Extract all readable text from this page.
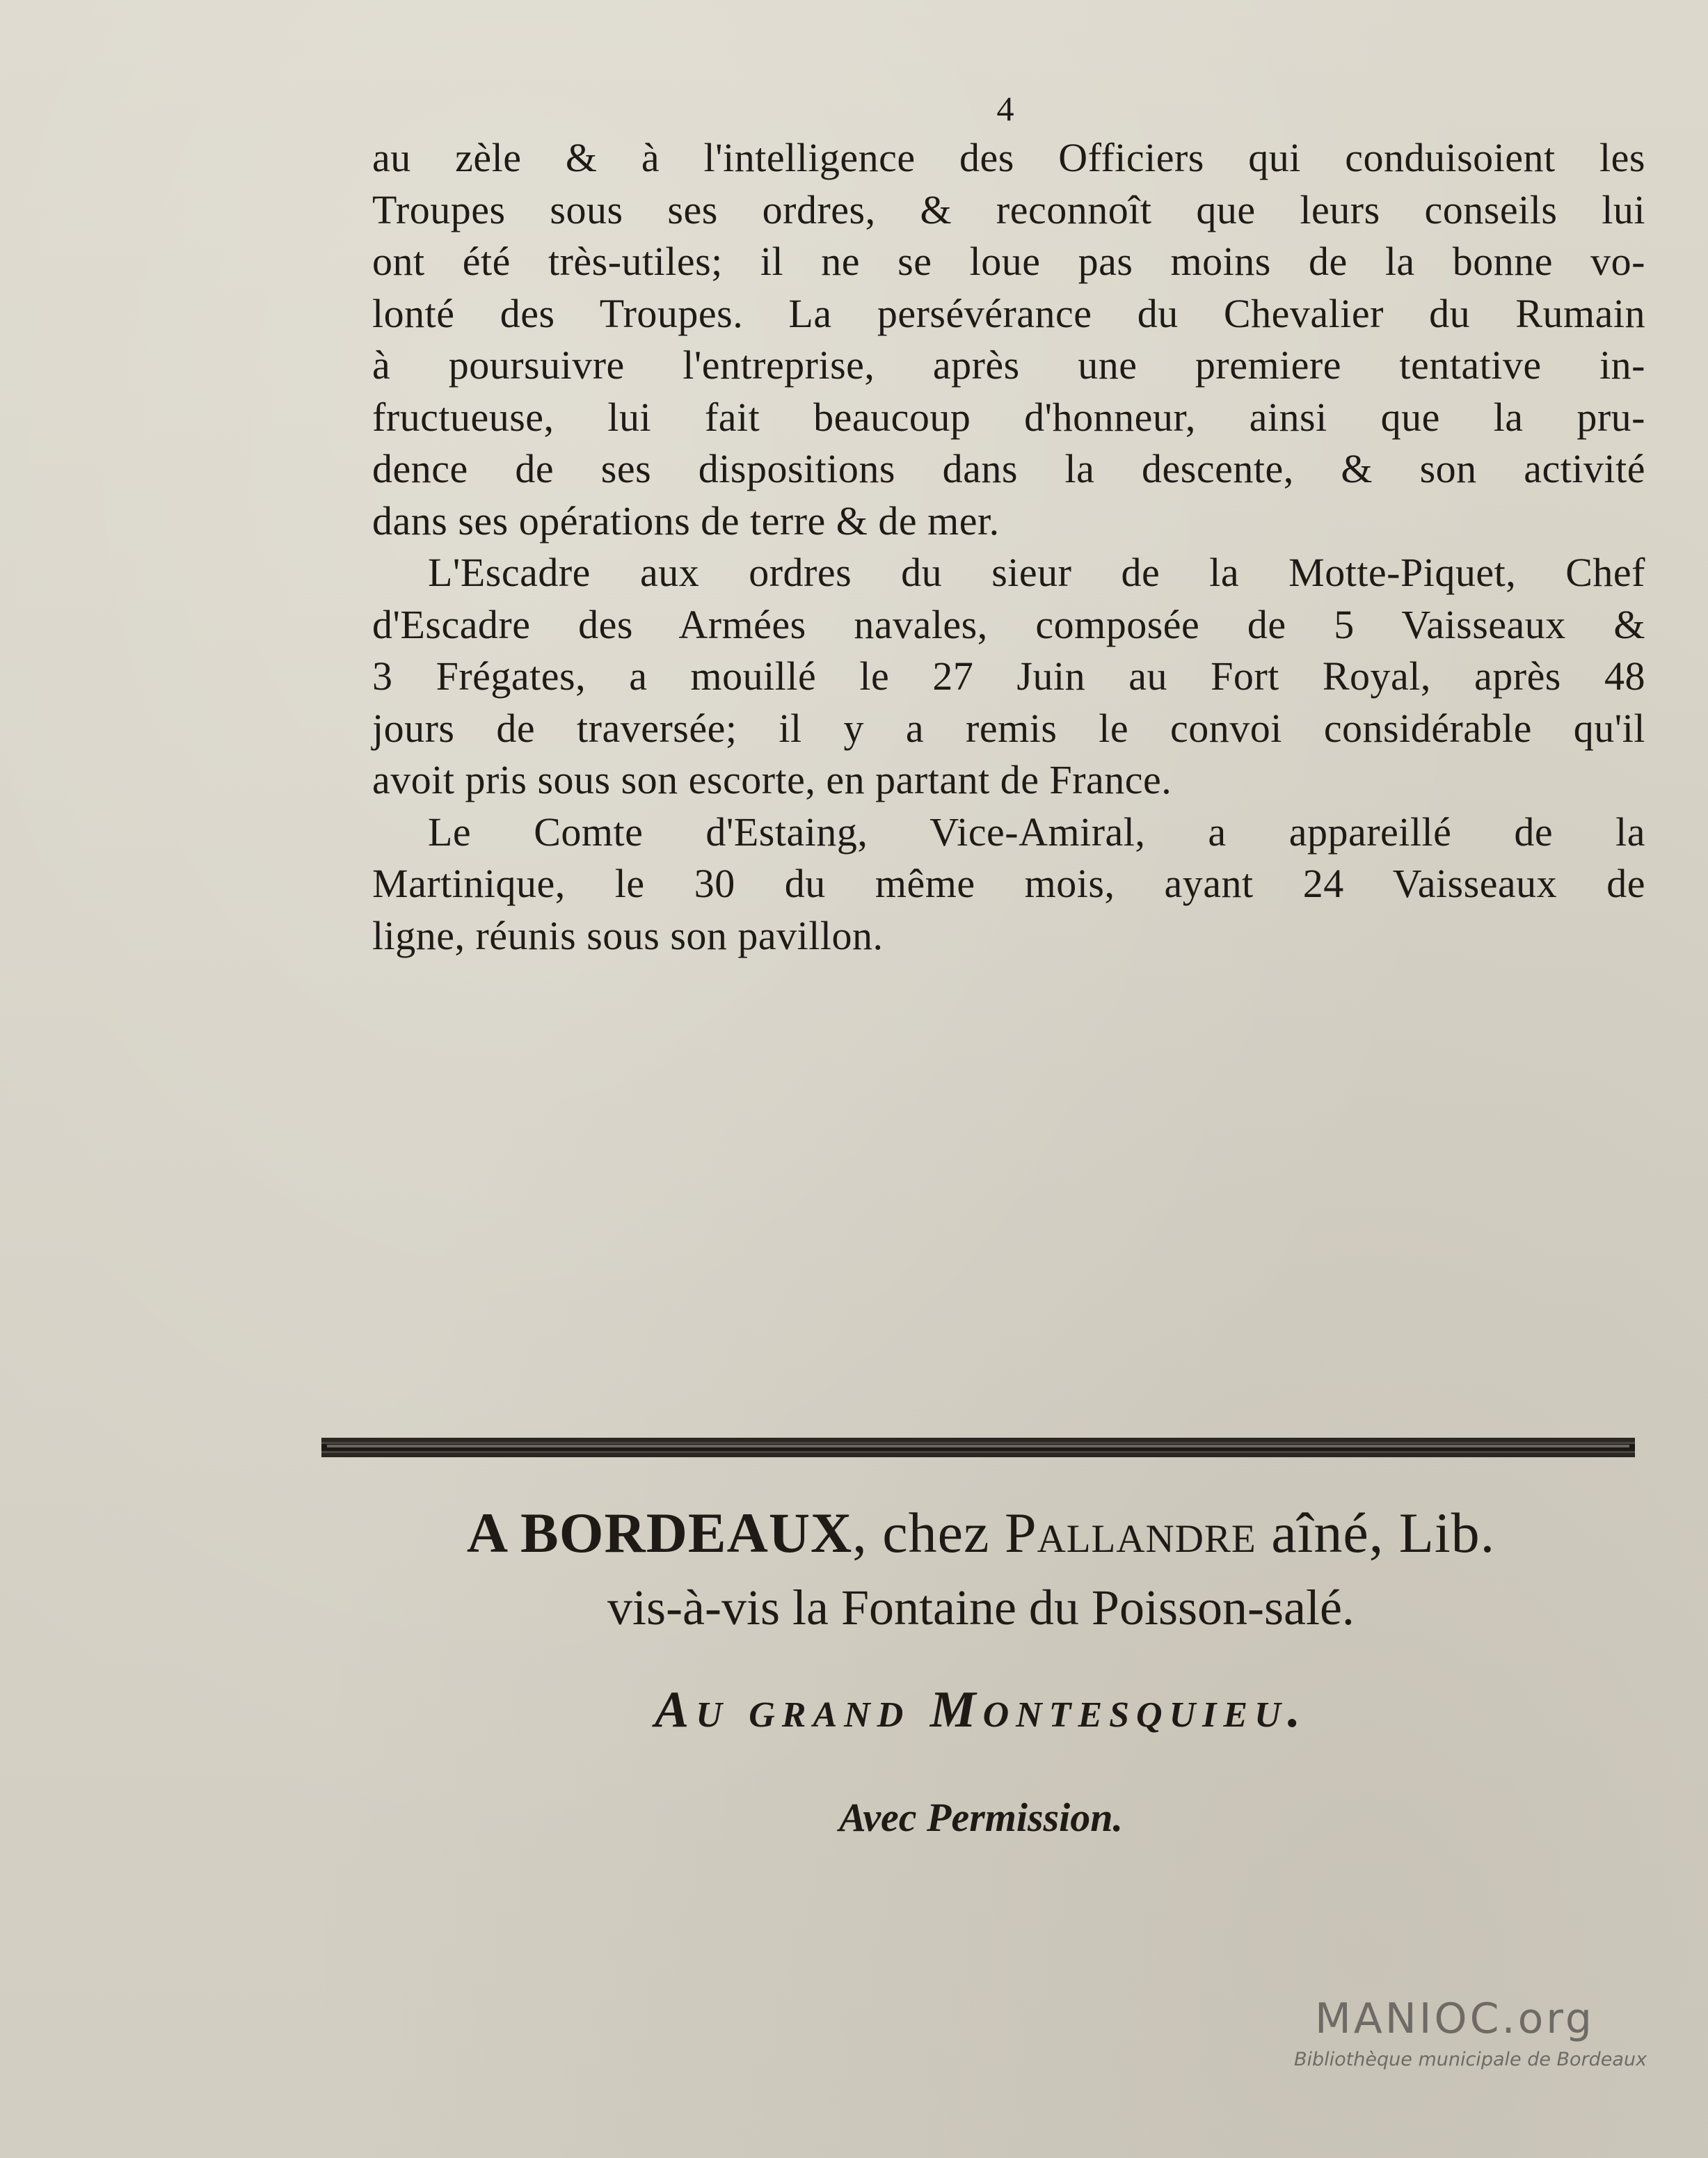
4
au zèle & à l'intelligence des Officiers qui conduisoient les
Troupes sous ses ordres, & reconnoît que leurs conseils lui
ont été très-utiles; il ne se loue pas moins de la bonne vo-
lonté des Troupes. La persévérance du Chevalier du Rumain
à poursuivre l'entreprise, après une premiere tentative in-
fructueuse, lui fait beaucoup d'honneur, ainsi que la pru-
dence de ses dispositions dans la descente, & son activité
dans ses opérations de terre & de mer.
L'Escadre aux ordres du sieur de la Motte-Piquet, Chef
d'Escadre des Armées navales, composée de 5 Vaisseaux &
3 Frégates, a mouillé le 27 Juin au Fort Royal, après 48
jours de traversée; il y a remis le convoi considérable qu'il
avoit pris sous son escorte, en partant de France.
Le Comte d'Estaing, Vice-Amiral, a appareillé de la
Martinique, le 30 du même mois, ayant 24 Vaisseaux de
ligne, réunis sous son pavillon.
A BORDEAUX, chez Pallandre aîné, Lib.
vis-à-vis la Fontaine du Poisson-salé.
Au grand Montesquieu.
Avec Permission.
MANIOC.org
Bibliothèque municipale de Bordeaux
